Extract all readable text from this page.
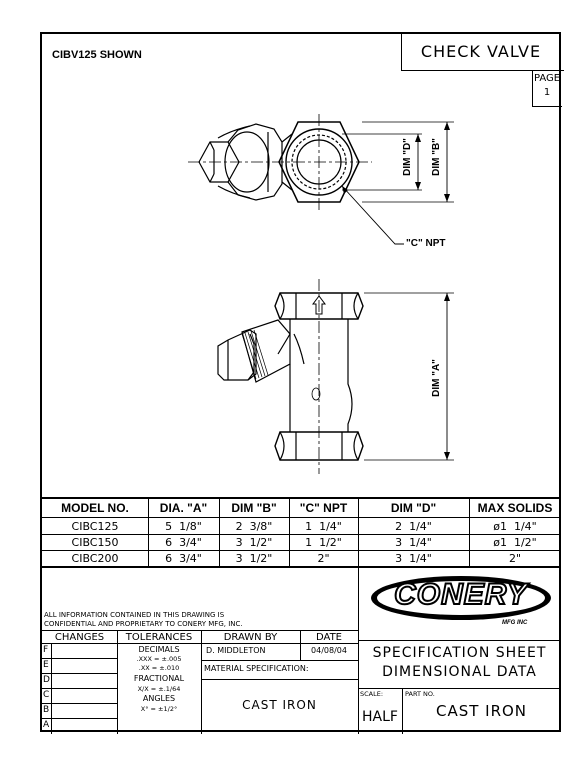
CIBV125 SHOWN	CHECK VALVE
PAGE
1
DIM "D" DIM "B"
"C" NPT
DIM "A"
MODEL NO.	DIA. "A"	DIM "B"	"C" NPT	DIM "D"	MAX SOLIDS
CIBC125	5  1/8"	2  3/8"	1  1/4"	2  1/4"	ø1  1/4"
CIBC150	6  3/4"	3  1/2"	1  1/2"	3  1/4"	ø1  1/2"
CIBC200	6  3/4"	3  1/2"	2"	3  1/4"	2"
ALL INFORMATION CONTAINED IN THIS DRAWING IS
CONFIDENTIAL AND PROPRIETARY TO CONERY MFG, INC.
CONERY
MFG INC
CHANGES	TOLERANCES	DRAWN BY	DATE
F
E
D
C
B
A
DECIMALS
.XXX = ±.005
.XX = ±.010
FRACTIONAL
X/X = ±.1/64
ANGLES
X° = ±1/2°
D. MIDDLETON	04/08/04
MATERIAL SPECIFICATION:
CAST IRON
SPECIFICATION SHEET
DIMENSIONAL DATA
SCALE:
HALF
PART NO.
CAST IRON
